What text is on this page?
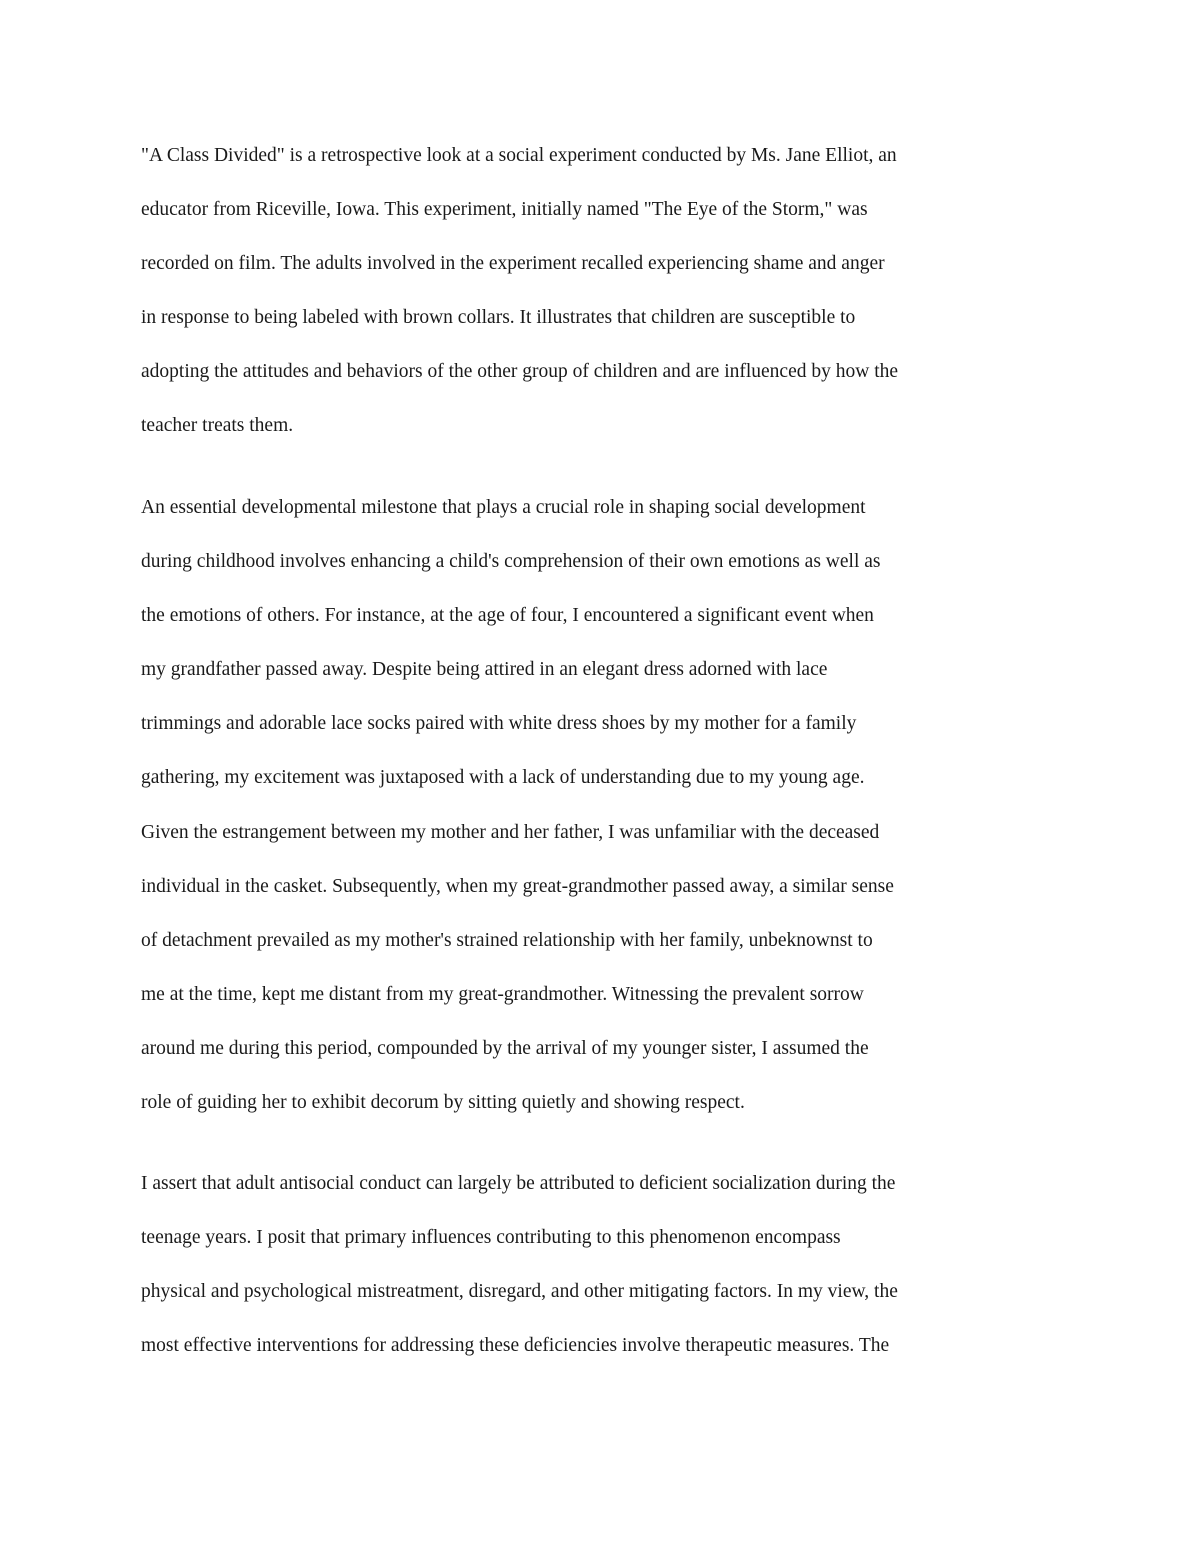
"A Class Divided" is a retrospective look at a social experiment conducted by Ms. Jane Elliot, an
educator from Riceville, Iowa. This experiment, initially named "The Eye of the Storm," was
recorded on film. The adults involved in the experiment recalled experiencing shame and anger
in response to being labeled with brown collars. It illustrates that children are susceptible to
adopting the attitudes and behaviors of the other group of children and are influenced by how the
teacher treats them.
An essential developmental milestone that plays a crucial role in shaping social development
during childhood involves enhancing a child's comprehension of their own emotions as well as
the emotions of others. For instance, at the age of four, I encountered a significant event when
my grandfather passed away. Despite being attired in an elegant dress adorned with lace
trimmings and adorable lace socks paired with white dress shoes by my mother for a family
gathering, my excitement was juxtaposed with a lack of understanding due to my young age.
Given the estrangement between my mother and her father, I was unfamiliar with the deceased
individual in the casket. Subsequently, when my great-grandmother passed away, a similar sense
of detachment prevailed as my mother's strained relationship with her family, unbeknownst to
me at the time, kept me distant from my great-grandmother. Witnessing the prevalent sorrow
around me during this period, compounded by the arrival of my younger sister, I assumed the
role of guiding her to exhibit decorum by sitting quietly and showing respect.
I assert that adult antisocial conduct can largely be attributed to deficient socialization during the
teenage years. I posit that primary influences contributing to this phenomenon encompass
physical and psychological mistreatment, disregard, and other mitigating factors. In my view, the
most effective interventions for addressing these deficiencies involve therapeutic measures. The
